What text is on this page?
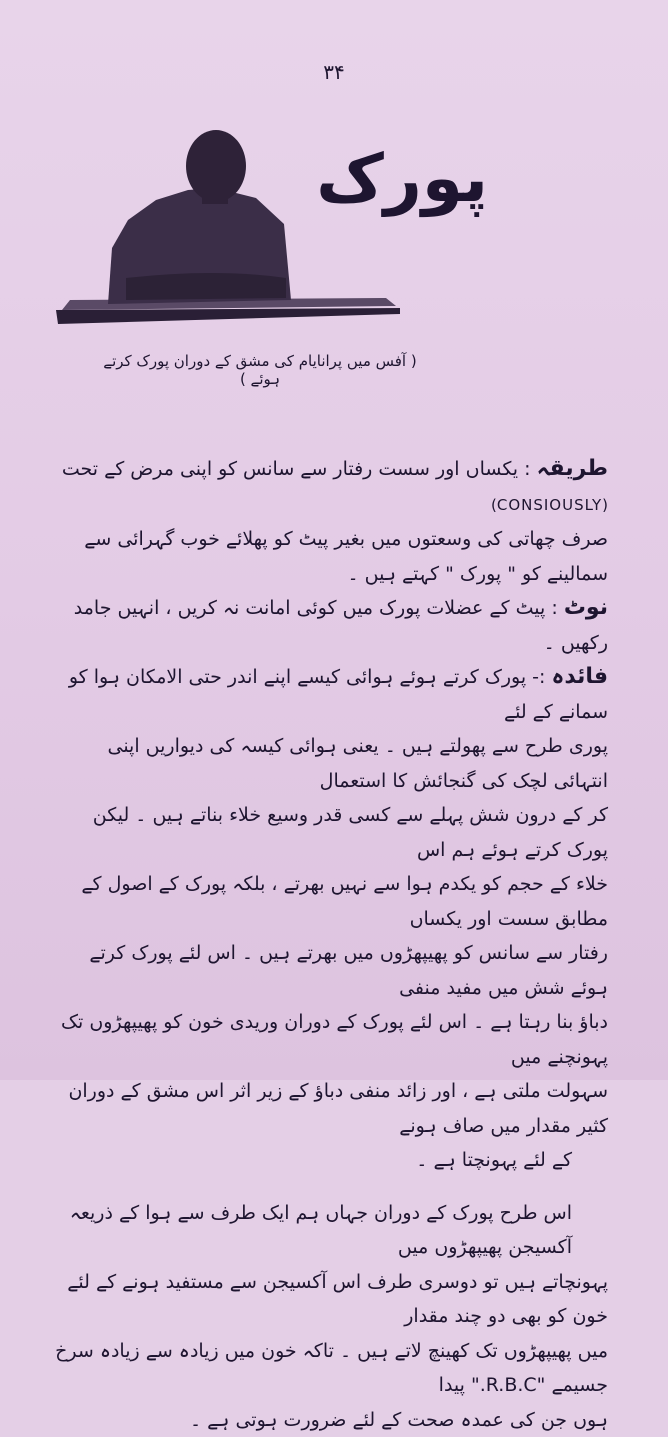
۳۴
پورک
( آفس میں پرانایام کی مشق کے دوران پورک کرتے ہوئے )

طریقہ : یکساں اور سست رفتار سے سانس کو اپنی مرض کے تحت (CONSIOUSLY)

صرف چھاتی کی وسعتوں میں بغیر پیٹ کو پھلائے خوب گہرائی سے سمالینے کو " پورک " کہتے ہیں ۔

نوٹ : پیٹ کے عضلات پورک میں کوئی امانت نہ کریں ، انہیں جامد رکھیں ۔

فائدہ :- پورک کرتے ہوئے ہوائی کیسے اپنے اندر حتی الامکان ہوا کو سمانے کے لئے

پوری طرح سے پھولتے ہیں ۔ یعنی ہوائی کیسہ کی دیواریں اپنی انتہائی لچک کی گنجائش کا استعمال

کر کے درون شش پہلے سے کسی قدر وسیع خلاء بناتے ہیں ۔ لیکن پورک کرتے ہوئے ہم اس

خلاء کے حجم کو یکدم ہوا سے نہیں بھرتے ، بلکہ پورک کے اصول کے مطابق سست اور یکساں

رفتار سے سانس کو پھیپھڑوں میں بھرتے ہیں ۔ اس لئے پورک کرتے ہوئے شش میں مفید منفی

دباؤ بنا رہتا ہے ۔ اس لئے پورک کے دوران وریدی خون کو پھیپھڑوں تک پہونچنے میں

سہولت ملتی ہے ، اور زائد منفی دباؤ کے زیر اثر اس مشق کے دوران کثیر مقدار میں صاف ہونے

کے لئے پہونچتا ہے ۔

اس طرح پورک کے دوران جہاں ہم ایک طرف سے ہوا کے ذریعہ آکسیجن پھیپھڑوں میں

پہونچاتے ہیں تو دوسری طرف اس آکسیجن سے مستفید ہونے کے لئے خون کو بھی دو چند مقدار

میں پھیپھڑوں تک کھینچ لاتے ہیں ۔ تاکہ خون میں زیادہ سے زیادہ سرخ جسیمے "R.B.C." پیدا

ہوں جن کی عمدہ صحت کے لئے ضرورت ہوتی ہے ۔
